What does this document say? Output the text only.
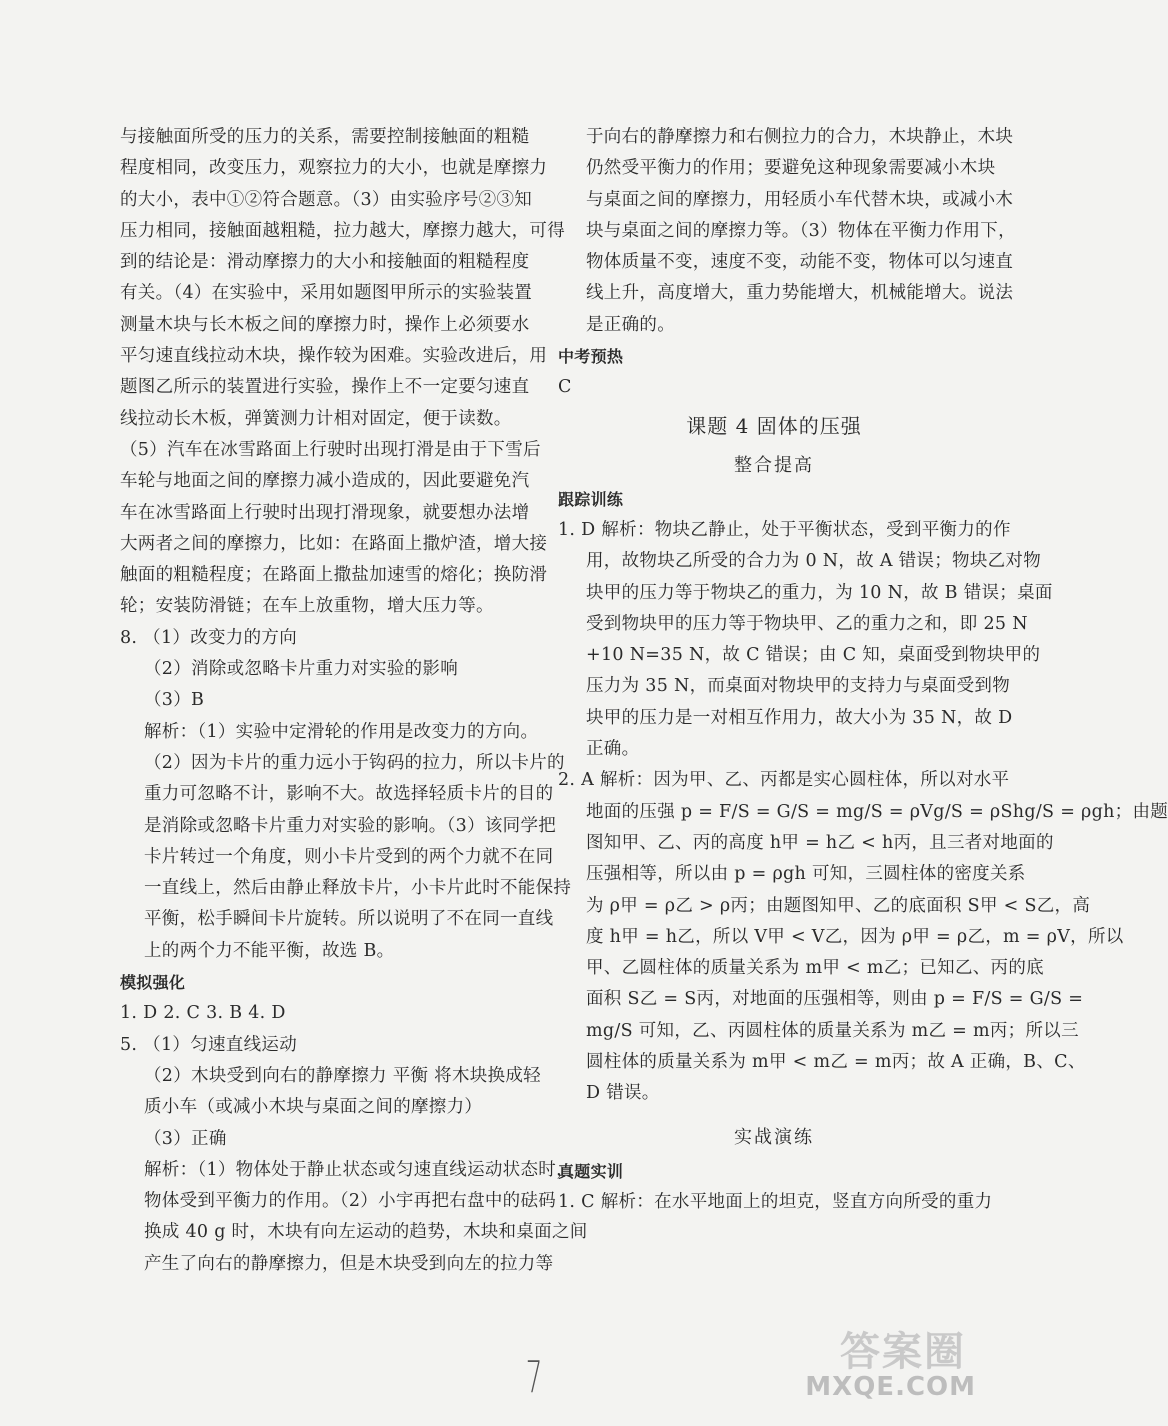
与接触面所受的压力的关系，需要控制接触面的粗糙
程度相同，改变压力，观察拉力的大小，也就是摩擦力
的大小，表中①②符合题意。（3）由实验序号②③知
压力相同，接触面越粗糙，拉力越大，摩擦力越大，可得
到的结论是：滑动摩擦力的大小和接触面的粗糙程度
有关。（4）在实验中，采用如题图甲所示的实验装置
测量木块与长木板之间的摩擦力时，操作上必须要水
平匀速直线拉动木块，操作较为困难。实验改进后，用
题图乙所示的装置进行实验，操作上不一定要匀速直
线拉动长木板，弹簧测力计相对固定，便于读数。
（5）汽车在冰雪路面上行驶时出现打滑是由于下雪后
车轮与地面之间的摩擦力减小造成的，因此要避免汽
车在冰雪路面上行驶时出现打滑现象，就要想办法增
大两者之间的摩擦力，比如：在路面上撒炉渣，增大接
触面的粗糙程度；在路面上撒盐加速雪的熔化；换防滑
轮；安装防滑链；在车上放重物，增大压力等。
8. （1）改变力的方向
（2）消除或忽略卡片重力对实验的影响
（3）B
解析：（1）实验中定滑轮的作用是改变力的方向。
（2）因为卡片的重力远小于钩码的拉力，所以卡片的
重力可忽略不计，影响不大。故选择轻质卡片的目的
是消除或忽略卡片重力对实验的影响。（3）该同学把
卡片转过一个角度，则小卡片受到的两个力就不在同
一直线上，然后由静止释放卡片，小卡片此时不能保持
平衡，松手瞬间卡片旋转。所以说明了不在同一直线
上的两个力不能平衡，故选 B。
模拟强化
1. D 2. C 3. B 4. D
5. （1）匀速直线运动
（2）木块受到向右的静摩擦力 平衡 将木块换成轻
质小车（或减小木块与桌面之间的摩擦力）
（3）正确
解析：（1）物体处于静止状态或匀速直线运动状态时，
物体受到平衡力的作用。（2）小宇再把右盘中的砝码
换成 40 g 时，木块有向左运动的趋势，木块和桌面之间
产生了向右的静摩擦力，但是木块受到向左的拉力等
于向右的静摩擦力和右侧拉力的合力，木块静止，木块
仍然受平衡力的作用；要避免这种现象需要减小木块
与桌面之间的摩擦力，用轻质小车代替木块，或减小木
块与桌面之间的摩擦力等。（3）物体在平衡力作用下，
物体质量不变，速度不变，动能不变，物体可以匀速直
线上升，高度增大，重力势能增大，机械能增大。说法
是正确的。
中考预热
C
课题 4 固体的压强
整合提高
跟踪训练
1. D 解析：物块乙静止，处于平衡状态，受到平衡力的作
用，故物块乙所受的合力为 0 N，故 A 错误；物块乙对物
块甲的压力等于物块乙的重力，为 10 N，故 B 错误；桌面
受到物块甲的压力等于物块甲、乙的重力之和，即 25 N
+10 N=35 N，故 C 错误；由 C 知，桌面受到物块甲的
压力为 35 N，而桌面对物块甲的支持力与桌面受到物
块甲的压力是一对相互作用力，故大小为 35 N，故 D
正确。
2. A 解析：因为甲、乙、丙都是实心圆柱体，所以对水平
地面的压强 p = F/S = G/S = mg/S = ρVg/S = ρShg/S = ρgh；由题
图知甲、乙、丙的高度 h甲 = h乙 < h丙，且三者对地面的
压强相等，所以由 p = ρgh 可知，三圆柱体的密度关系
为 ρ甲 = ρ乙 > ρ丙；由题图知甲、乙的底面积 S甲 < S乙，高
度 h甲 = h乙，所以 V甲 < V乙，因为 ρ甲 = ρ乙，m = ρV，所以
甲、乙圆柱体的质量关系为 m甲 < m乙；已知乙、丙的底
面积 S乙 = S丙，对地面的压强相等，则由 p = F/S = G/S =
mg/S 可知，乙、丙圆柱体的质量关系为 m乙 = m丙；所以三
圆柱体的质量关系为 m甲 < m乙 = m丙；故 A 正确，B、C、
D 错误。
实战演练
真题实训
1. C 解析：在水平地面上的坦克，竖直方向所受的重力
7	答案圈
MXQE.COM
